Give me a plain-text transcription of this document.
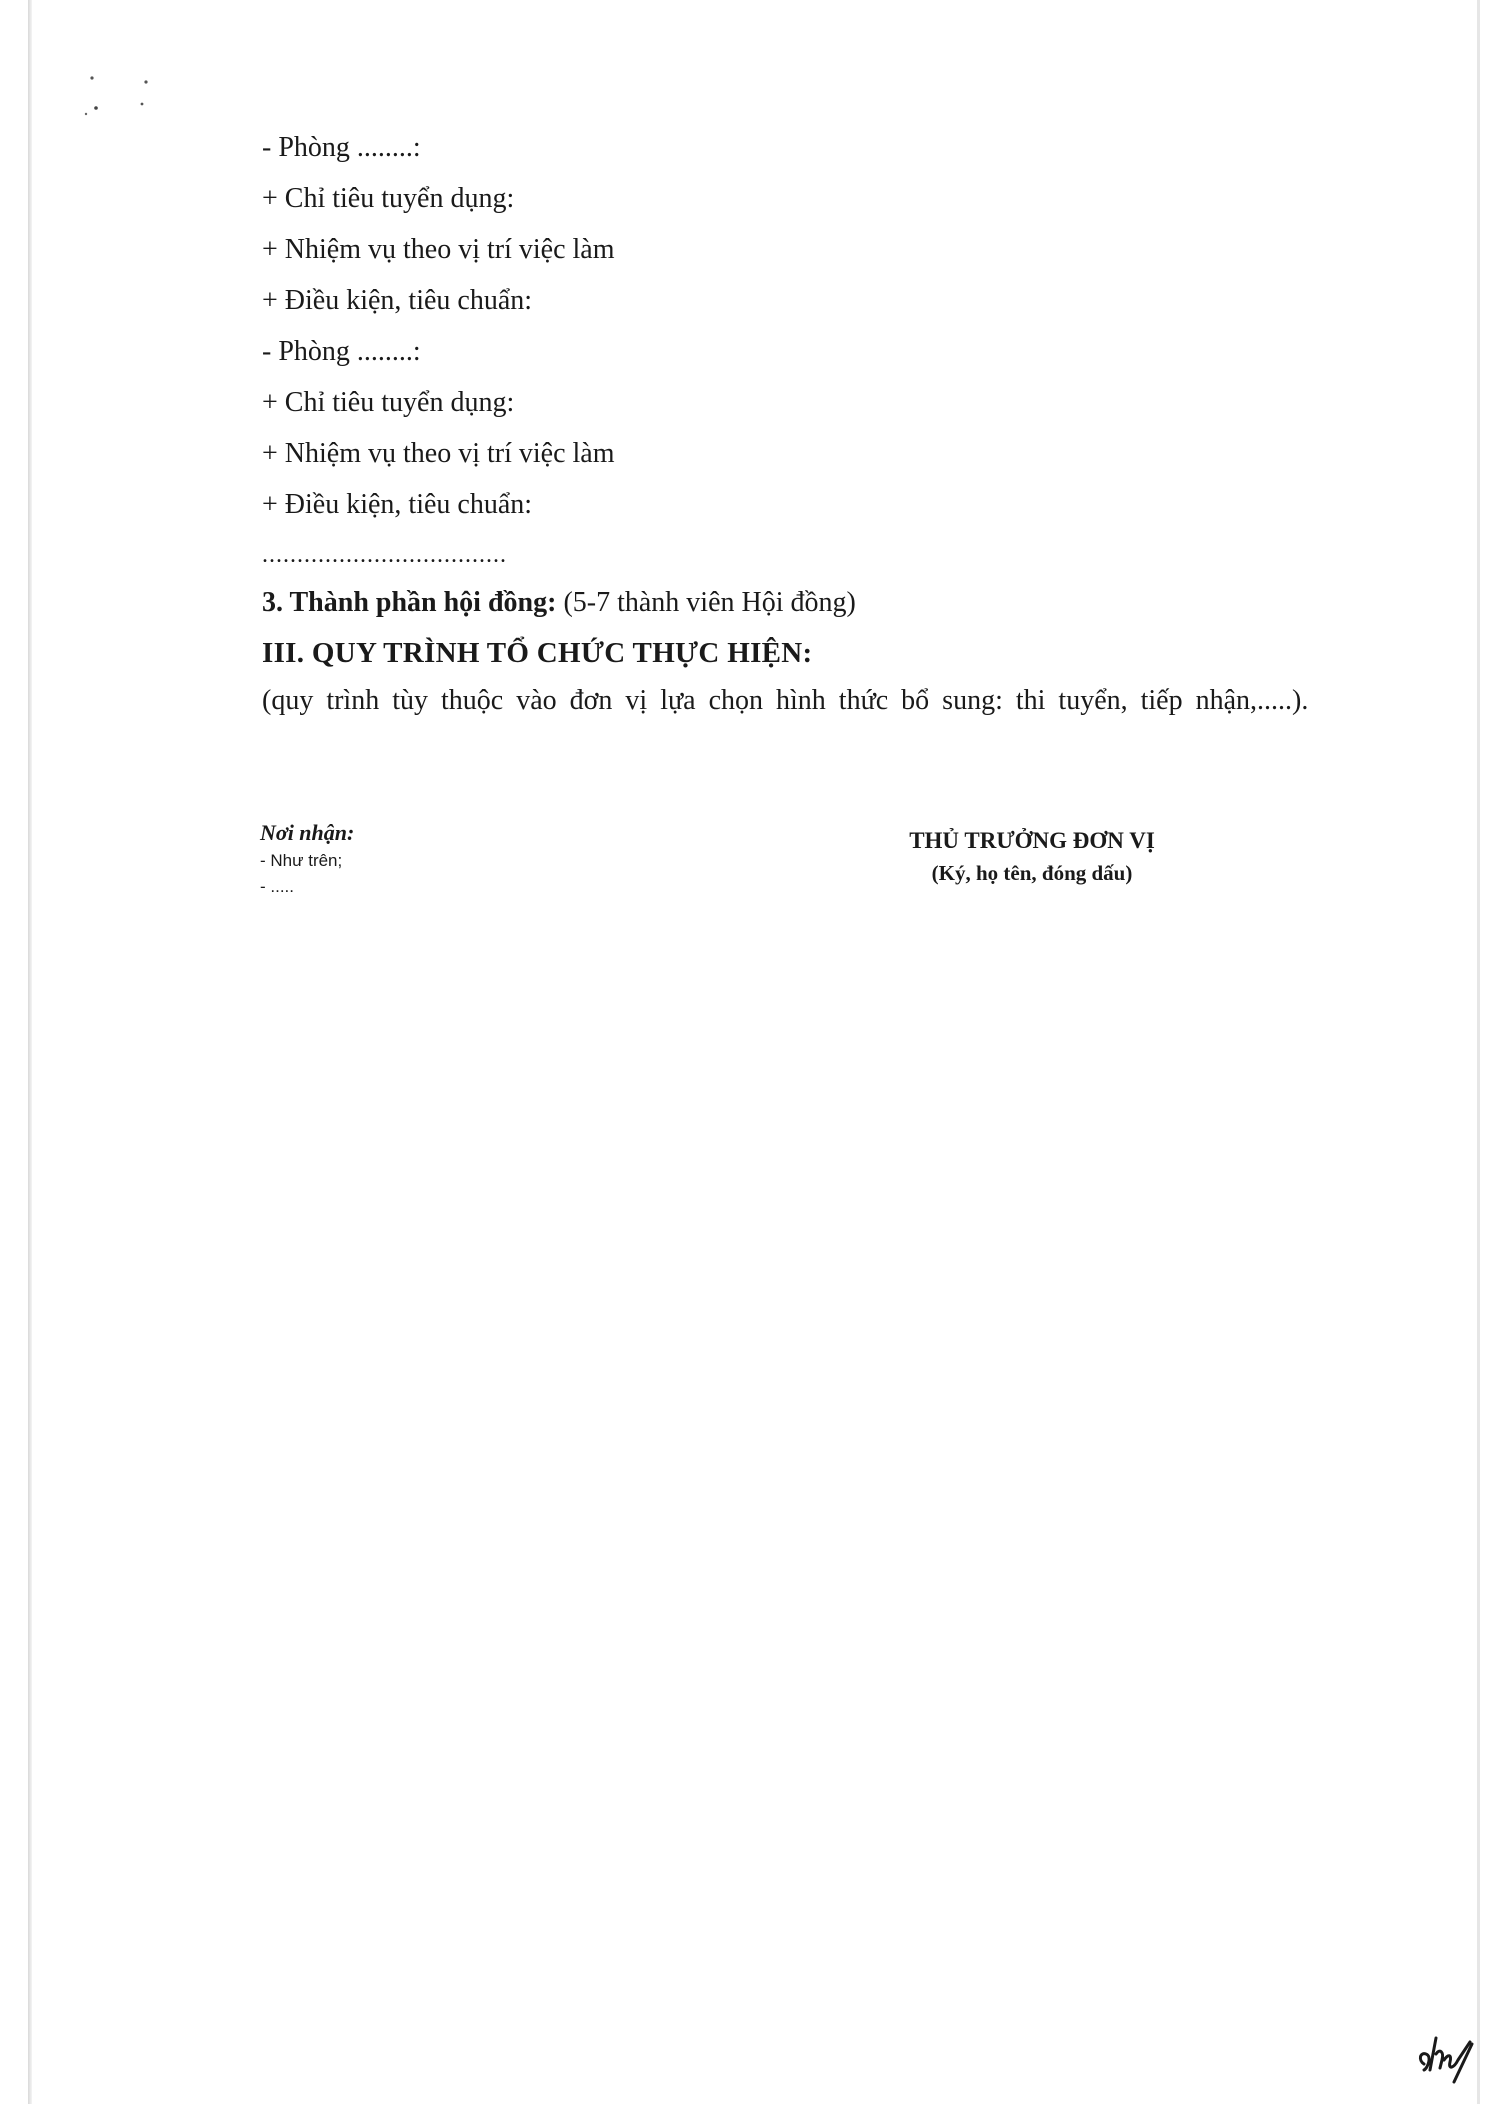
- Phòng ........:
+ Chỉ tiêu tuyển dụng:
+ Nhiệm vụ theo vị trí việc làm
+ Điều kiện, tiêu chuẩn:
- Phòng ........:
+ Chỉ tiêu tuyển dụng:
+ Nhiệm vụ theo vị trí việc làm
+ Điều kiện, tiêu chuẩn:
...................................
3. Thành phần hội đồng: (5-7 thành viên Hội đồng)
III. QUY TRÌNH TỔ CHỨC THỰC HIỆN:
(quy trình tùy thuộc vào đơn vị lựa chọn hình thức bổ sung: thi tuyển, tiếp nhận,.....).
Nơi nhận:
- Như trên;
- .....
THỦ TRƯỞNG ĐƠN VỊ
(Ký, họ tên, đóng dấu)
